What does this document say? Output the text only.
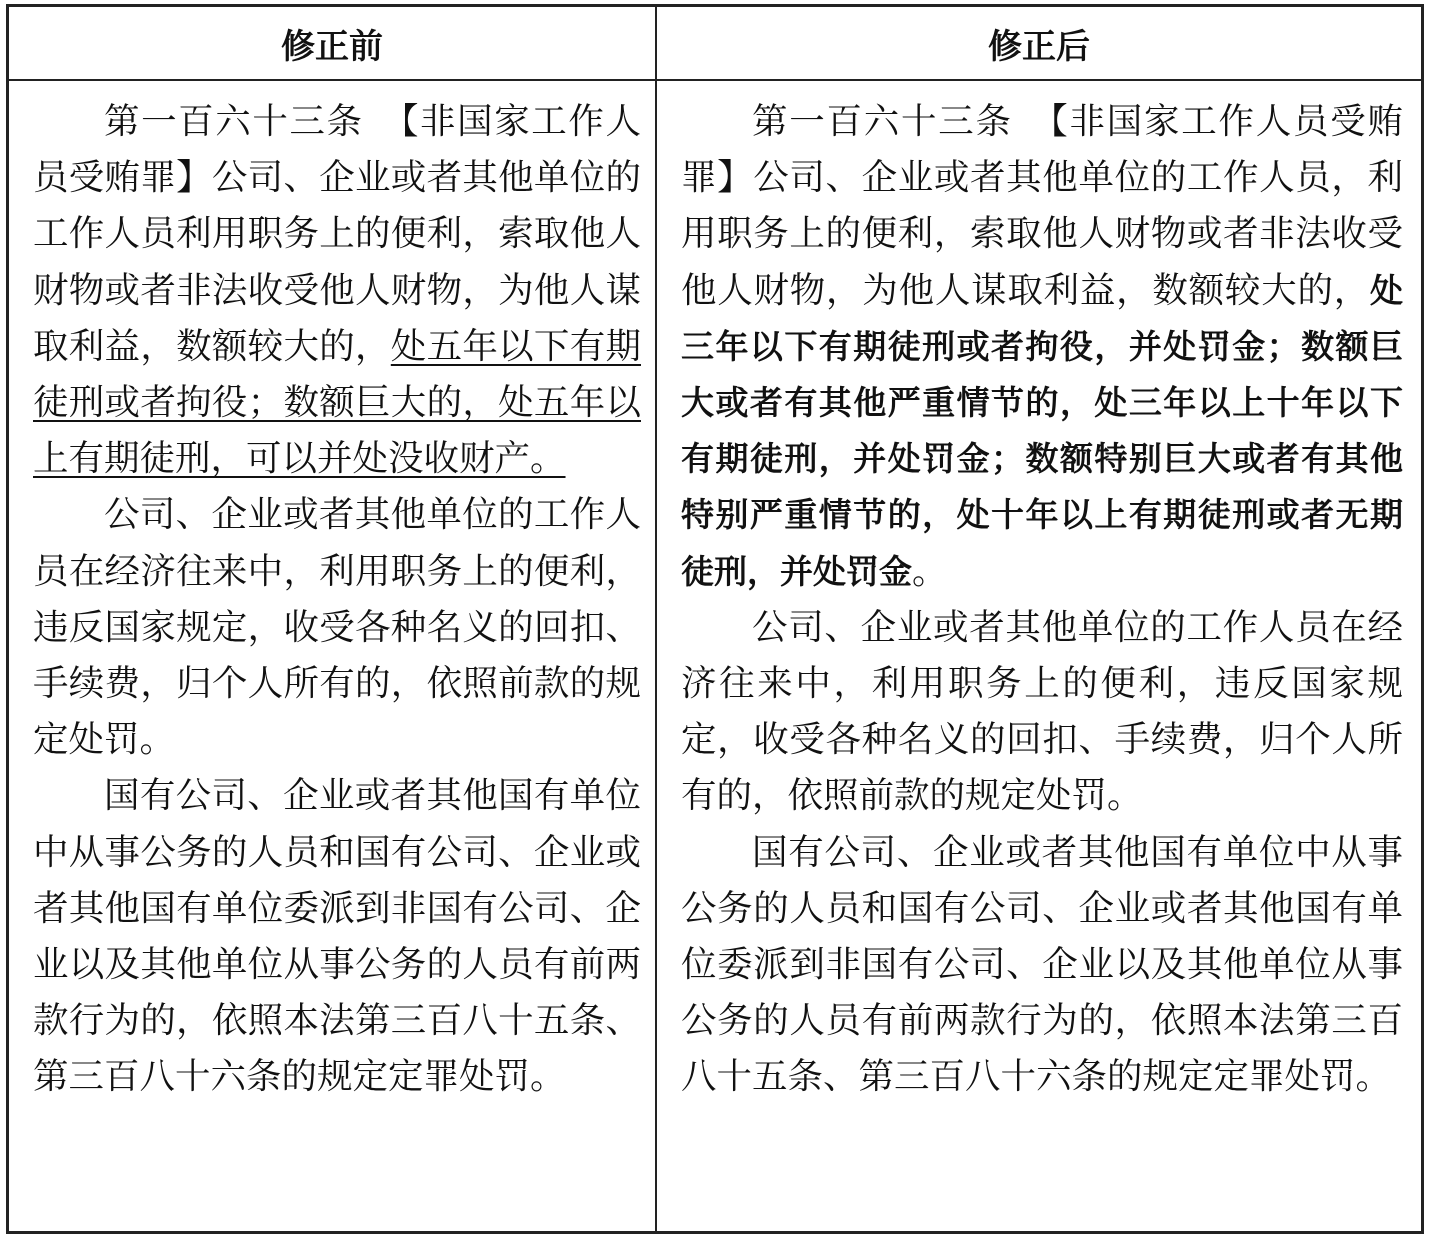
修正前	修正后

第一百六十三条　【非国家工作人员受贿罪】公司、企业或者其他单位的工作人员利用职务上的便利，索取他人财物或者非法收受他人财物，为他人谋取利益，数额较大的，处五年以下有期徒刑或者拘役；数额巨大的，处五年以上有期徒刑，可以并处没收财产。

公司、企业或者其他单位的工作人员在经济往来中，利用职务上的便利，违反国家规定，收受各种名义的回扣、手续费，归个人所有的，依照前款的规定处罚。

国有公司、企业或者其他国有单位中从事公务的人员和国有公司、企业或者其他国有单位委派到非国有公司、企业以及其他单位从事公务的人员有前两款行为的，依照本法第三百八十五条、第三百八十六条的规定定罪处罚。

第一百六十三条　【非国家工作人员受贿罪】公司、企业或者其他单位的工作人员，利用职务上的便利，索取他人财物或者非法收受他人财物，为他人谋取利益，数额较大的，处三年以下有期徒刑或者拘役，并处罚金；数额巨大或者有其他严重情节的，处三年以上十年以下有期徒刑，并处罚金；数额特别巨大或者有其他特别严重情节的，处十年以上有期徒刑或者无期徒刑，并处罚金。

公司、企业或者其他单位的工作人员在经济往来中，利用职务上的便利，违反国家规定，收受各种名义的回扣、手续费，归个人所有的，依照前款的规定处罚。

国有公司、企业或者其他国有单位中从事公务的人员和国有公司、企业或者其他国有单位委派到非国有公司、企业以及其他单位从事公务的人员有前两款行为的，依照本法第三百八十五条、第三百八十六条的规定定罪处罚。
